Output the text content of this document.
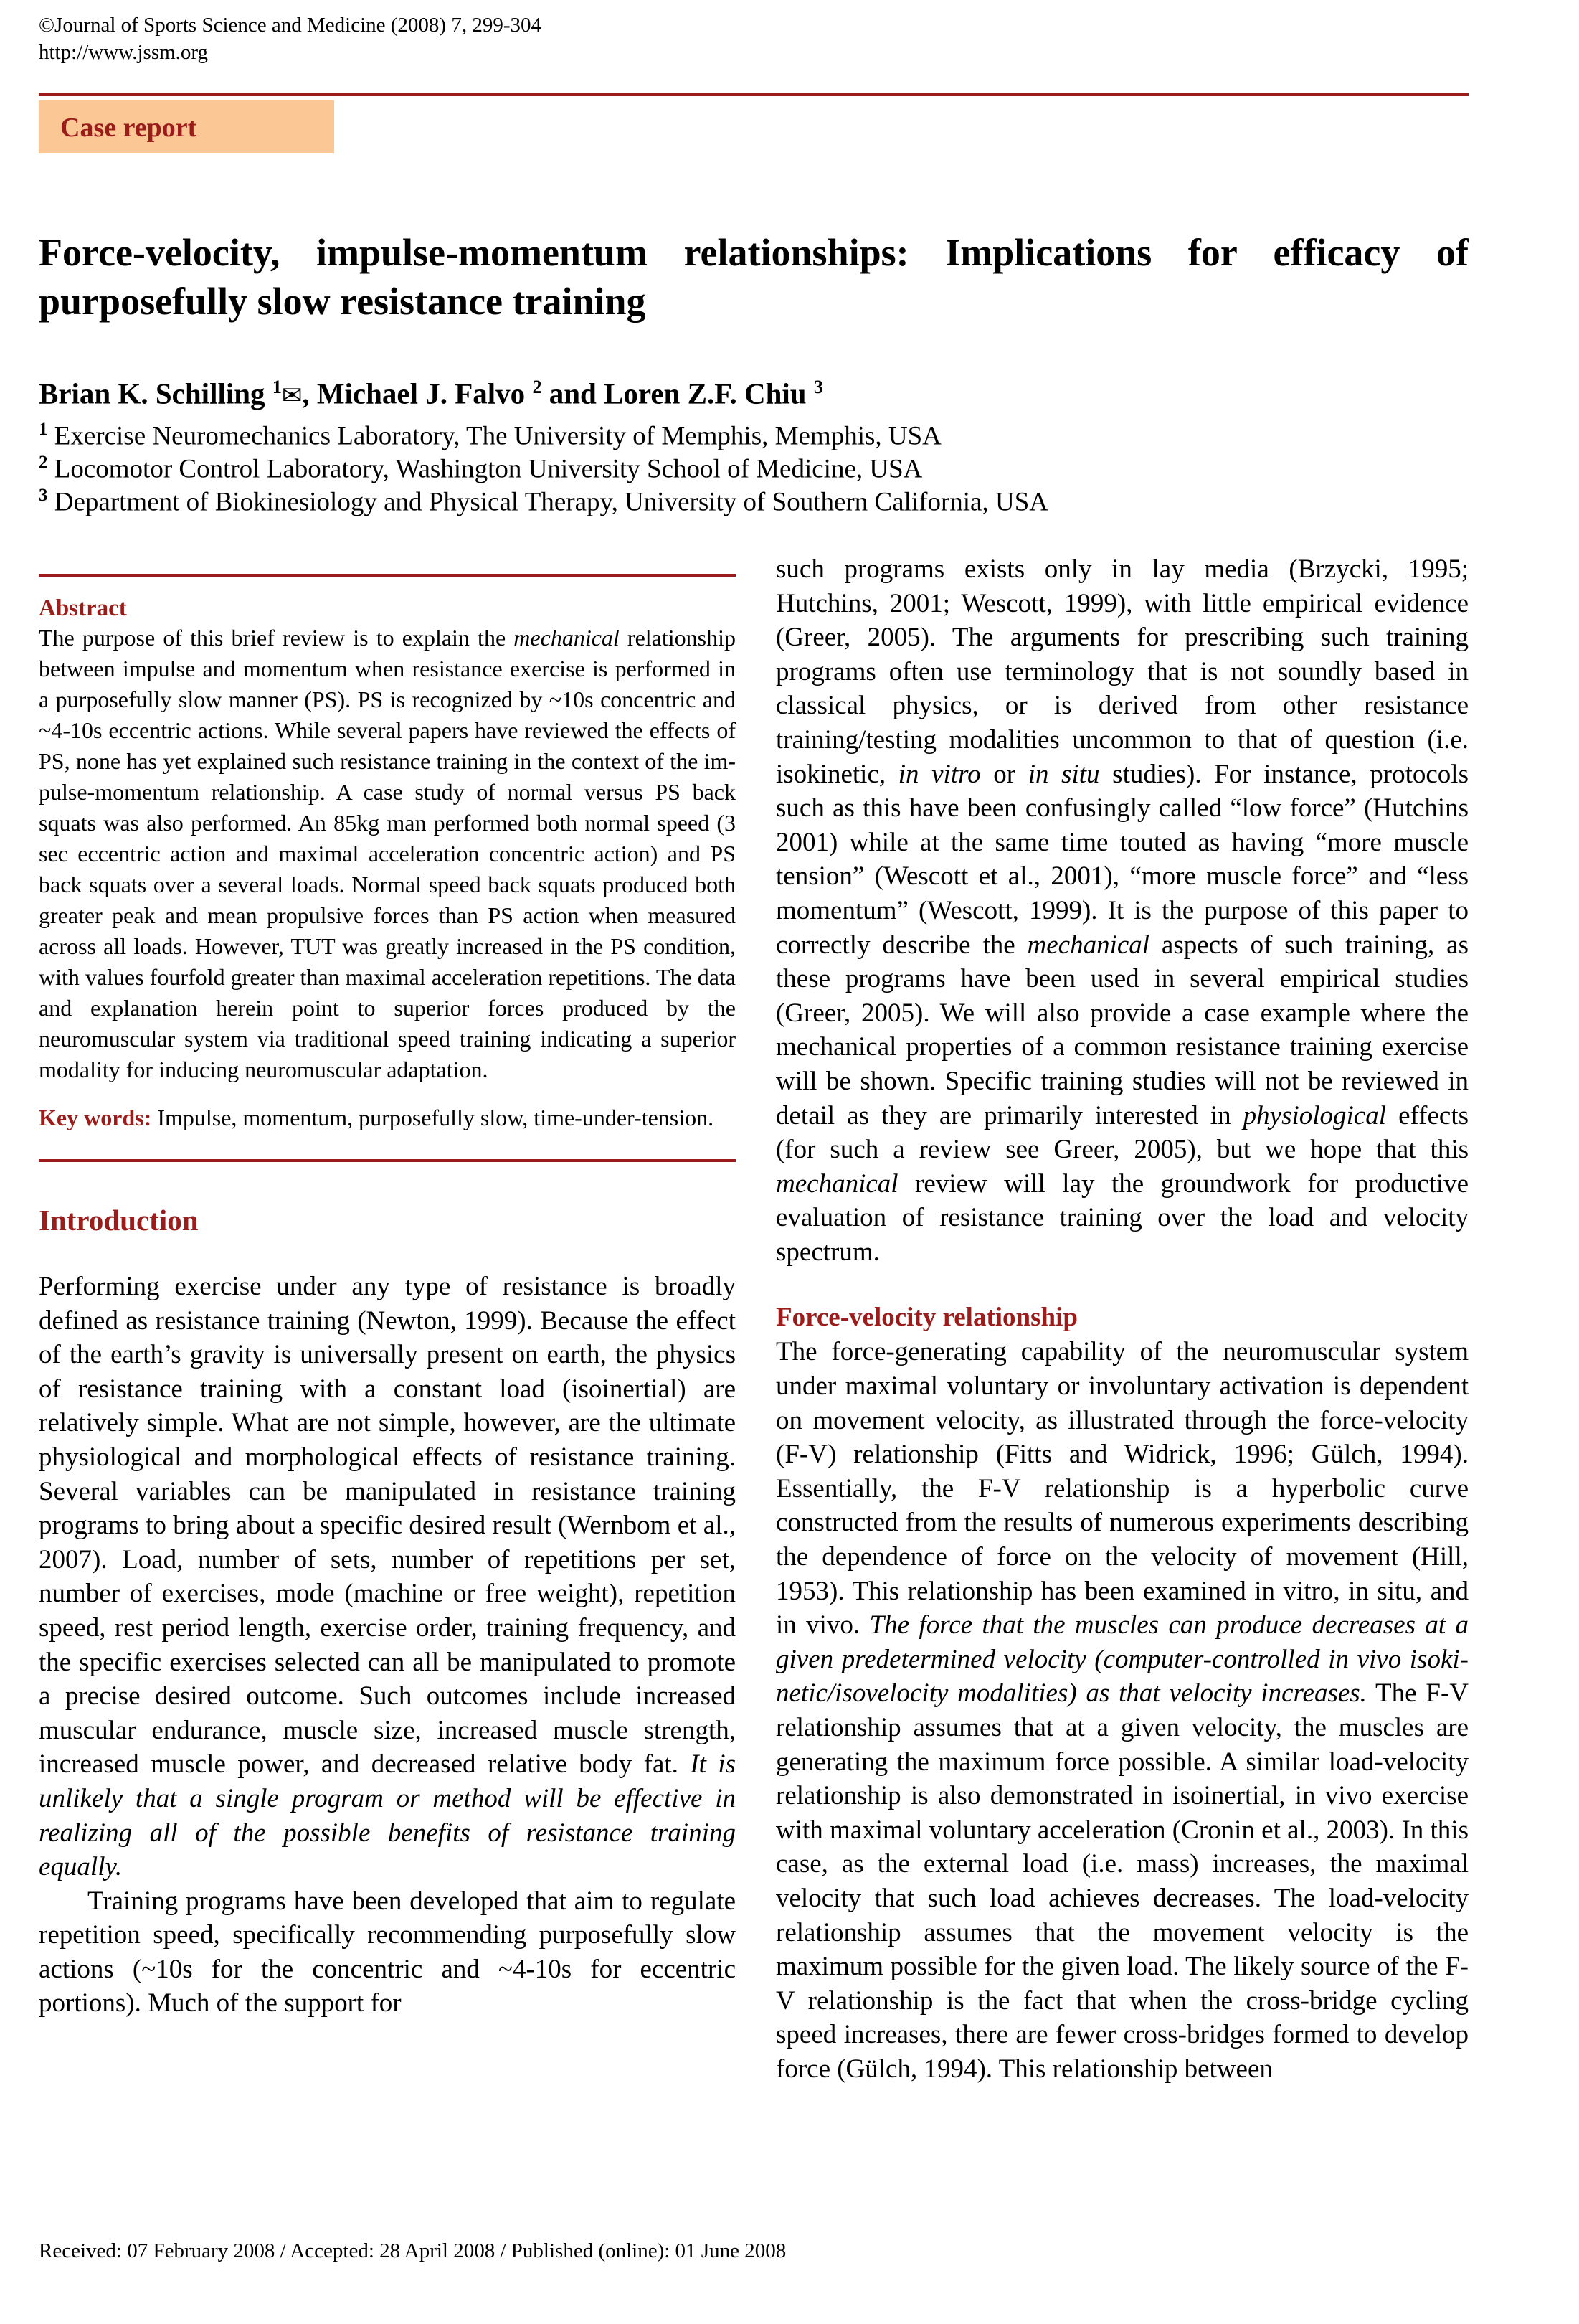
©Journal of Sports Science and Medicine (2008) 7, 299-304
http://www.jssm.org
Case report
Force-velocity, impulse-momentum relationships: Implications for efficacy of purposefully slow resistance training

Brian K. Schilling $^1$✉, Michael J. Falvo $^2$ and Loren Z.F. Chiu $^3$

$^1$ Exercise Neuromechanics Laboratory, The University of Memphis, Memphis, USA

$^2$ Locomotor Control Laboratory, Washington University School of Medicine, USA

$^3$ Department of Biokinesiology and Physical Therapy, University of Southern California, USA

Abstract

The purpose of this brief review is to explain the mechanical relationship between impulse and momentum when resistance exercise is performed in a purposefully slow manner (PS). PS is recognized by ~10s concentric and ~4-10s eccentric actions. While several papers have reviewed the effects of PS, none has yet explained such resistance training in the context of the impulse-momentum relationship. A case study of normal versus PS back squats was also performed. An 85kg man performed both normal speed (3 sec eccentric action and maximal acceleration concentric action) and PS back squats over a several loads. Normal speed back squats produced both greater peak and mean propulsive forces than PS action when measured across all loads. However, TUT was greatly increased in the PS condition, with values fourfold greater than maximal acceleration repetitions. The data and explanation herein point to superior forces produced by the neuromuscular system via traditional speed training indicating a superior modality for inducing neuromuscular adaptation.

Key words: Impulse, momentum, purposefully slow, time-under-tension.

Introduction

Performing exercise under any type of resistance is broadly defined as resistance training (Newton, 1999). Because the effect of the earth’s gravity is universally present on earth, the physics of resistance training with a constant load (isoinertial) are relatively simple. What are not simple, however, are the ultimate physiological and morphological effects of resistance training. Several variables can be manipulated in resistance training programs to bring about a specific desired result (Wernbom et al., 2007). Load, number of sets, number of repetitions per set, number of exercises, mode (machine or free weight), repetition speed, rest period length, exercise order, training frequency, and the specific exercises selected can all be manipulated to promote a precise desired outcome. Such outcomes include increased muscular endurance, muscle size, increased muscle strength, increased muscle power, and decreased relative body fat. It is unlikely that a single program or method will be effective in realizing all of the possible benefits of resistance training equally.

Training programs have been developed that aim to regulate repetition speed, specifically recommending purposefully slow actions (~10s for the concentric and ~4-10s for eccentric portions). Much of the support for

such programs exists only in lay media (Brzycki, 1995; Hutchins, 2001; Wescott, 1999), with little empirical evidence (Greer, 2005). The arguments for prescribing such training programs often use terminology that is not soundly based in classical physics, or is derived from other resistance training/testing modalities uncommon to that of question (i.e. isokinetic, in vitro or in situ studies). For instance, protocols such as this have been confusingly called “low force” (Hutchins 2001) while at the same time touted as having “more muscle tension” (Wescott et al., 2001), “more muscle force” and “less momentum” (Wescott, 1999). It is the purpose of this paper to correctly describe the mechanical aspects of such training, as these programs have been used in several empirical studies (Greer, 2005). We will also provide a case example where the mechanical properties of a common resistance training exercise will be shown. Specific training studies will not be reviewed in detail as they are primarily interested in physiological effects (for such a review see Greer, 2005), but we hope that this mechanical review will lay the groundwork for productive evaluation of resistance training over the load and velocity spectrum.

Force-velocity relationship

The force-generating capability of the neuromuscular system under maximal voluntary or involuntary activation is dependent on movement velocity, as illustrated through the force-velocity (F-V) relationship (Fitts and Widrick, 1996; Gülch, 1994). Essentially, the F-V relationship is a hyperbolic curve constructed from the results of numerous experiments describing the dependence of force on the velocity of movement (Hill, 1953). This relationship has been examined in vitro, in situ, and in vivo. The force that the muscles can produce decreases at a given predetermined velocity (computer-controlled in vivo isokinetic/isovelocity modalities) as that velocity increases. The F-V relationship assumes that at a given velocity, the muscles are generating the maximum force possible. A similar load-velocity relationship is also demonstrated in isoinertial, in vivo exercise with maximal voluntary acceleration (Cronin et al., 2003). In this case, as the external load (i.e. mass) increases, the maximal velocity that such load achieves decreases. The load-velocity relationship assumes that the movement velocity is the maximum possible for the given load. The likely source of the F-V relationship is the fact that when the cross-bridge cycling speed increases, there are fewer cross-bridges formed to develop force (Gülch, 1994). This relationship between

Received: 07 February 2008 / Accepted: 28 April 2008 / Published (online): 01 June 2008
